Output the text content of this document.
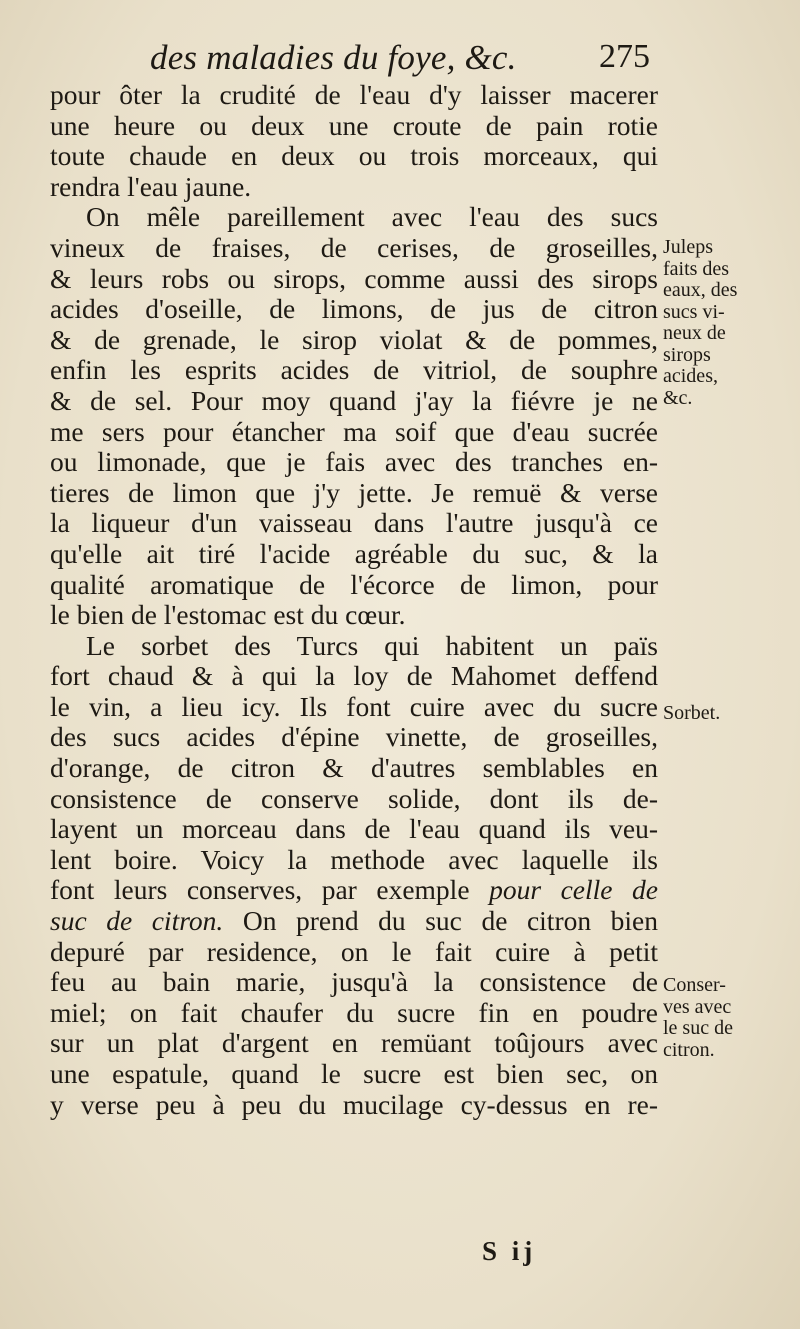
des maladies du foye, &c. 275
pour ôter la crudité de l'eau d'y laisser macerer
une heure ou deux une croute de pain rotie
toute chaude en deux ou trois morceaux, qui
rendra l'eau jaune.
On mêle pareillement avec l'eau des sucs
vineux de fraises, de cerises, de groseilles,
& leurs robs ou sirops, comme aussi des sirops
acides d'oseille, de limons, de jus de citron
& de grenade, le sirop violat & de pommes,
enfin les esprits acides de vitriol, de souphre
& de sel. Pour moy quand j'ay la fiévre je ne
me sers pour étancher ma soif que d'eau sucrée
ou limonade, que je fais avec des tranches en-
tieres de limon que j'y jette. Je remuë & verse
la liqueur d'un vaisseau dans l'autre jusqu'à ce
qu'elle ait tiré l'acide agréable du suc, & la
qualité aromatique de l'écorce de limon, pour
le bien de l'estomac est du cœur.
Le sorbet des Turcs qui habitent un païs
fort chaud & à qui la loy de Mahomet deffend
le vin, a lieu icy. Ils font cuire avec du sucre
des sucs acides d'épine vinette, de groseilles,
d'orange, de citron & d'autres semblables en
consistence de conserve solide, dont ils de-
layent un morceau dans de l'eau quand ils veu-
lent boire. Voicy la methode avec laquelle ils
font leurs conserves, par exemple pour celle de
suc de citron. On prend du suc de citron bien
depuré par residence, on le fait cuire à petit
feu au bain marie, jusqu'à la consistence de
miel; on fait chaufer du sucre fin en poudre
sur un plat d'argent en remüant toûjours avec
une espatule, quand le sucre est bien sec, on
y verse peu à peu du mucilage cy-dessus en re-
Juleps
faits des
eaux, des
sucs vi-
neux de
sirops
acides,
&c.
Sorbet.
Conser-
ves avec
le suc de
citron.
S ij
